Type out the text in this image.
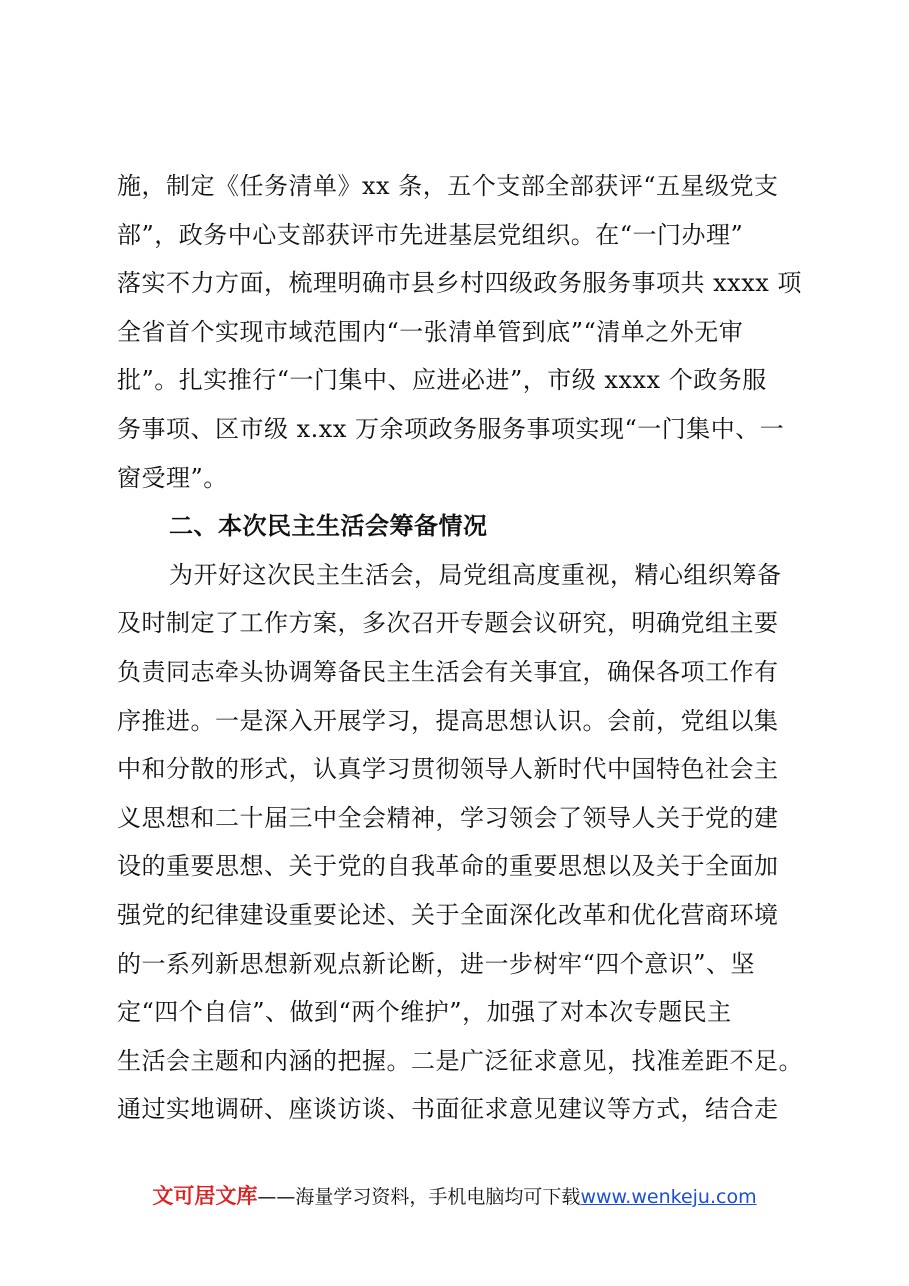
施，制定《任务清单》xx 条，五个支部全部获评“五星级党支
部”，政务中心支部获评市先进基层党组织。在“一门办理”
落实不力方面，梳理明确市县乡村四级政务服务事项共 xxxx 项
全省首个实现市域范围内“一张清单管到底”“清单之外无审
批”。扎实推行“一门集中、应进必进”，市级 xxxx 个政务服
务事项、区市级 x.xx 万余项政务服务事项实现“一门集中、一
窗受理”。
二、本次民主生活会筹备情况
为开好这次民主生活会，局党组高度重视，精心组织筹备
及时制定了工作方案，多次召开专题会议研究，明确党组主要
负责同志牵头协调筹备民主生活会有关事宜，确保各项工作有
序推进。一是深入开展学习，提高思想认识。会前，党组以集
中和分散的形式，认真学习贯彻领导人新时代中国特色社会主
义思想和二十届三中全会精神，学习领会了领导人关于党的建
设的重要思想、关于党的自我革命的重要思想以及关于全面加
强党的纪律建设重要论述、关于全面深化改革和优化营商环境
的一系列新思想新观点新论断，进一步树牢“四个意识”、坚
定“四个自信”、做到“两个维护”，加强了对本次专题民主
生活会主题和内涵的把握。二是广泛征求意见，找准差距不足。
通过实地调研、座谈访谈、书面征求意见建议等方式，结合走
文可居文库——海量学习资料，手机电脑均可下载www.wenkeju.com
